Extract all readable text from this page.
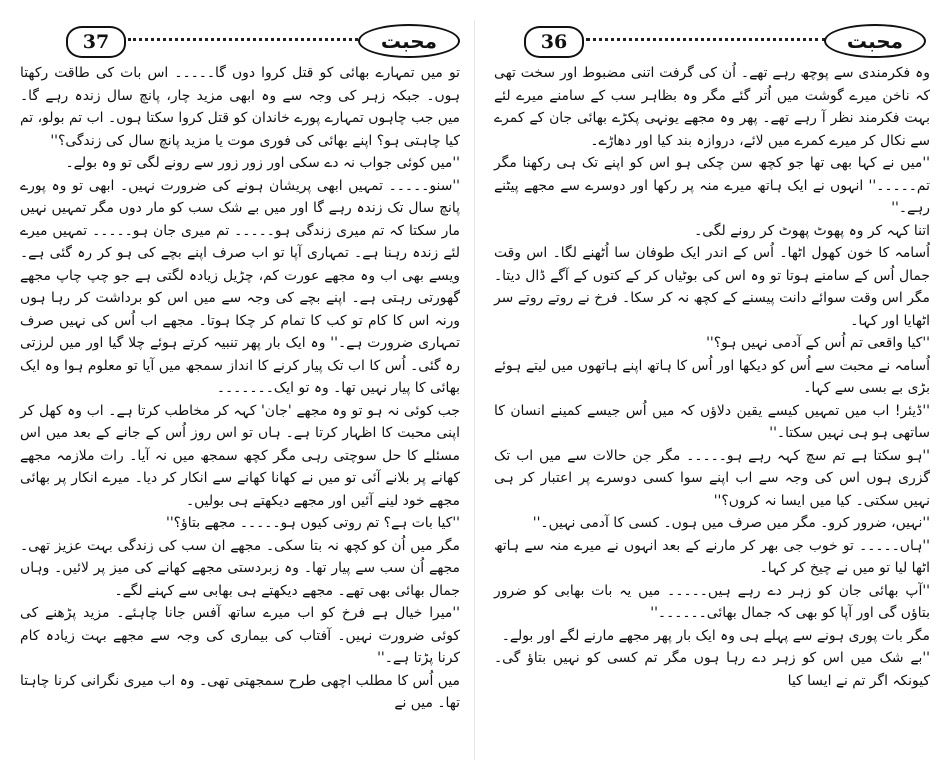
37	محبت

تو میں تمہارے بھائی کو قتل کروا دوں گا۔۔۔۔۔ اس بات کی طاقت رکھتا ہوں۔ جبکہ زہر کی وجہ سے وہ ابھی مزید چار، پانچ سال زندہ رہے گا۔ میں جب چاہوں تمہارے پورے خاندان کو قتل کروا سکتا ہوں۔ اب تم بولو، تم کیا چاہتی ہو؟ اپنے بھائی کی فوری موت یا مزید پانچ سال کی زندگی؟''

''میں کوئی جواب نہ دے سکی اور زور زور سے رونے لگی تو وہ بولے۔

''سنو۔۔۔۔۔ تمہیں ابھی پریشان ہونے کی ضرورت نہیں۔ ابھی تو وہ پورے پانچ سال تک زندہ رہے گا اور میں بے شک سب کو مار دوں مگر تمہیں نہیں مار سکتا کہ تم میری زندگی ہو۔۔۔۔۔ تم میری جان ہو۔۔۔۔۔ تمہیں میرے لئے زندہ رہنا ہے۔ تمہاری آپا تو اب صرف اپنے بچے کی ہو کر رہ گئی ہے۔ ویسے بھی اب وہ مجھے عورت کم، چڑیل زیادہ لگتی ہے جو چپ چاپ مجھے گھورتی رہتی ہے۔ اپنے بچے کی وجہ سے میں اس کو برداشت کر رہا ہوں ورنہ اس کا کام تو کب کا تمام کر چکا ہوتا۔ مجھے اب اُس کی نہیں صرف تمہاری ضرورت ہے۔'' وہ ایک بار پھر تنبیہ کرتے ہوئے چلا گیا اور میں لرزتی رہ گئی۔ اُس کا اب تک پیار کرنے کا انداز سمجھ میں آیا تو معلوم ہوا وہ ایک بھائی کا پیار نہیں تھا۔ وہ تو ایک۔۔۔۔۔۔۔

جب کوئی نہ ہو تو وہ مجھے 'جان' کہہ کر مخاطب کرتا ہے۔ اب وہ کھل کر اپنی محبت کا اظہار کرتا ہے۔ ہاں تو اس روز اُس کے جانے کے بعد میں اس مسئلے کا حل سوچتی رہی مگر کچھ سمجھ میں نہ آیا۔ رات ملازمہ مجھے کھانے پر بلانے آئی تو میں نے کھانا کھانے سے انکار کر دیا۔ میرے انکار پر بھائی مجھے خود لینے آئیں اور مجھے دیکھتے ہی بولیں۔

''کیا بات ہے؟ تم روتی کیوں ہو۔۔۔۔۔ مجھے بتاؤ؟''

مگر میں اُن کو کچھ نہ بتا سکی۔ مجھے ان سب کی زندگی بہت عزیز تھی۔ مجھے اُن سب سے پیار تھا۔ وہ زبردستی مجھے کھانے کی میز پر لائیں۔ وہاں جمال بھائی بھی تھے۔ مجھے دیکھتے ہی بھابی سے کہنے لگے۔

''میرا خیال ہے فرخ کو اب میرے ساتھ آفس جانا چاہئے۔ مزید پڑھنے کی کوئی ضرورت نہیں۔ آفتاب کی بیماری کی وجہ سے مجھے بہت زیادہ کام کرنا پڑتا ہے۔''

میں اُس کا مطلب اچھی طرح سمجھتی تھی۔ وہ اب میری نگرانی کرنا چاہتا تھا۔ میں نے

36	محبت

وہ فکرمندی سے پوچھ رہے تھے۔ اُن کی گرفت اتنی مضبوط اور سخت تھی کہ ناخن میرے گوشت میں اُتر گئے مگر وہ بظاہر سب کے سامنے میرے لئے بہت فکرمند نظر آ رہے تھے۔ پھر وہ مجھے یونہی پکڑے بھائی جان کے کمرے سے نکال کر میرے کمرے میں لائے، دروازہ بند کیا اور دھاڑے۔

''میں نے کہا بھی تھا جو کچھ سن چکی ہو اس کو اپنے تک ہی رکھنا مگر تم۔۔۔۔۔'' انہوں نے ایک ہاتھ میرے منہ پر رکھا اور دوسرے سے مجھے پیٹنے رہے۔''

اتنا کہہ کر وہ پھوٹ پھوٹ کر رونے لگی۔

اُسامہ کا خون کھول اٹھا۔ اُس کے اندر ایک طوفان سا اُٹھنے لگا۔ اس وقت جمال اُس کے سامنے ہوتا تو وہ اس کی بوٹیاں کر کے کتوں کے آگے ڈال دیتا۔ مگر اس وقت سوائے دانت پیسنے کے کچھ نہ کر سکا۔ فرخ نے روتے روتے سر اٹھایا اور کہا۔

''کیا واقعی تم اُس کے آدمی نہیں ہو؟''

اُسامہ نے محبت سے اُس کو دیکھا اور اُس کا ہاتھ اپنے ہاتھوں میں لیتے ہوئے بڑی بے بسی سے کہا۔

''ڈیئر! اب میں تمہیں کیسے یقین دلاؤں کہ میں اُس جیسے کمینے انسان کا ساتھی ہو ہی نہیں سکتا۔''

''ہو سکتا ہے تم سچ کہہ رہے ہو۔۔۔۔۔ مگر جن حالات سے میں اب تک گزری ہوں اس کی وجہ سے اب اپنے سوا کسی دوسرے پر اعتبار کر ہی نہیں سکتی۔ کیا میں ایسا نہ کروں؟''

''نہیں، ضرور کرو۔ مگر میں صرف میں ہوں۔ کسی کا آدمی نہیں۔''

''ہاں۔۔۔۔۔ تو خوب جی بھر کر مارنے کے بعد انہوں نے میرے منہ سے ہاتھ اٹھا لیا تو میں نے چیخ کر کہا۔

''آپ بھائی جان کو زہر دے رہے ہیں۔۔۔۔۔ میں یہ بات بھابی کو ضرور بتاؤں گی اور آپا کو بھی کہ جمال بھائی۔۔۔۔۔۔''

مگر بات پوری ہونے سے پہلے ہی وہ ایک بار پھر مجھے مارنے لگے اور بولے۔

''بے شک میں اس کو زہر دے رہا ہوں مگر تم کسی کو نہیں بتاؤ گی۔ کیونکہ اگر تم نے ایسا کیا
